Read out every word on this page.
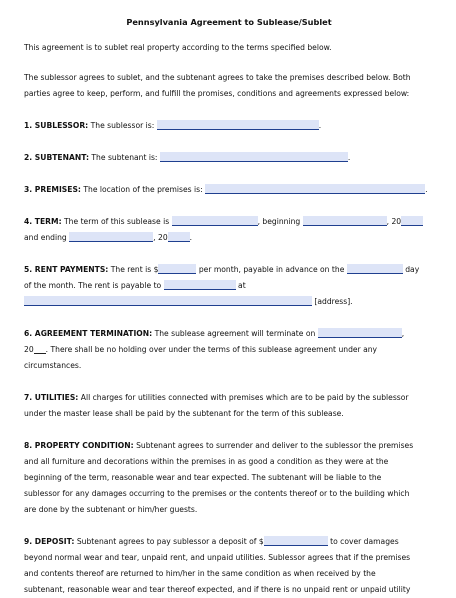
Pennsylvania Agreement to Sublease/Sublet
This agreement is to sublet real property according to the terms specified below.
The sublessor agrees to sublet, and the subtenant agrees to take the premises described below. Both
parties agree to keep, perform, and fulfill the promises, conditions and agreements expressed below:
1. SUBLESSOR: The sublessor is:	.
2. SUBTENANT: The subtenant is:	.
3. PREMISES: The location of the premises is:	.
4. TERM: The term of this sublease is	, beginning	, 20
and ending	, 20	.
5. RENT PAYMENTS: The rent is $	per month, payable in advance on the	day
of the month. The rent is payable to	at
[address].
6. AGREEMENT TERMINATION: The sublease agreement will terminate on	,
20 . There shall be no holding over under the terms of this sublease agreement under any
circumstances.
7. UTILITIES: All charges for utilities connected with premises which are to be paid by the sublessor
under the master lease shall be paid by the subtenant for the term of this sublease.
8. PROPERTY CONDITION: Subtenant agrees to surrender and deliver to the sublessor the premises
and all furniture and decorations within the premises in as good a condition as they were at the
beginning of the term, reasonable wear and tear expected. The subtenant will be liable to the
sublessor for any damages occurring to the premises or the contents thereof or to the building which
are done by the subtenant or him/her guests.
9. DEPOSIT: Subtenant agrees to pay sublessor a deposit of $	to cover damages
beyond normal wear and tear, unpaid rent, and unpaid utilities. Sublessor agrees that if the premises
and contents thereof are returned to him/her in the same condition as when received by the
subtenant, reasonable wear and tear thereof expected, and if there is no unpaid rent or unpaid utility
